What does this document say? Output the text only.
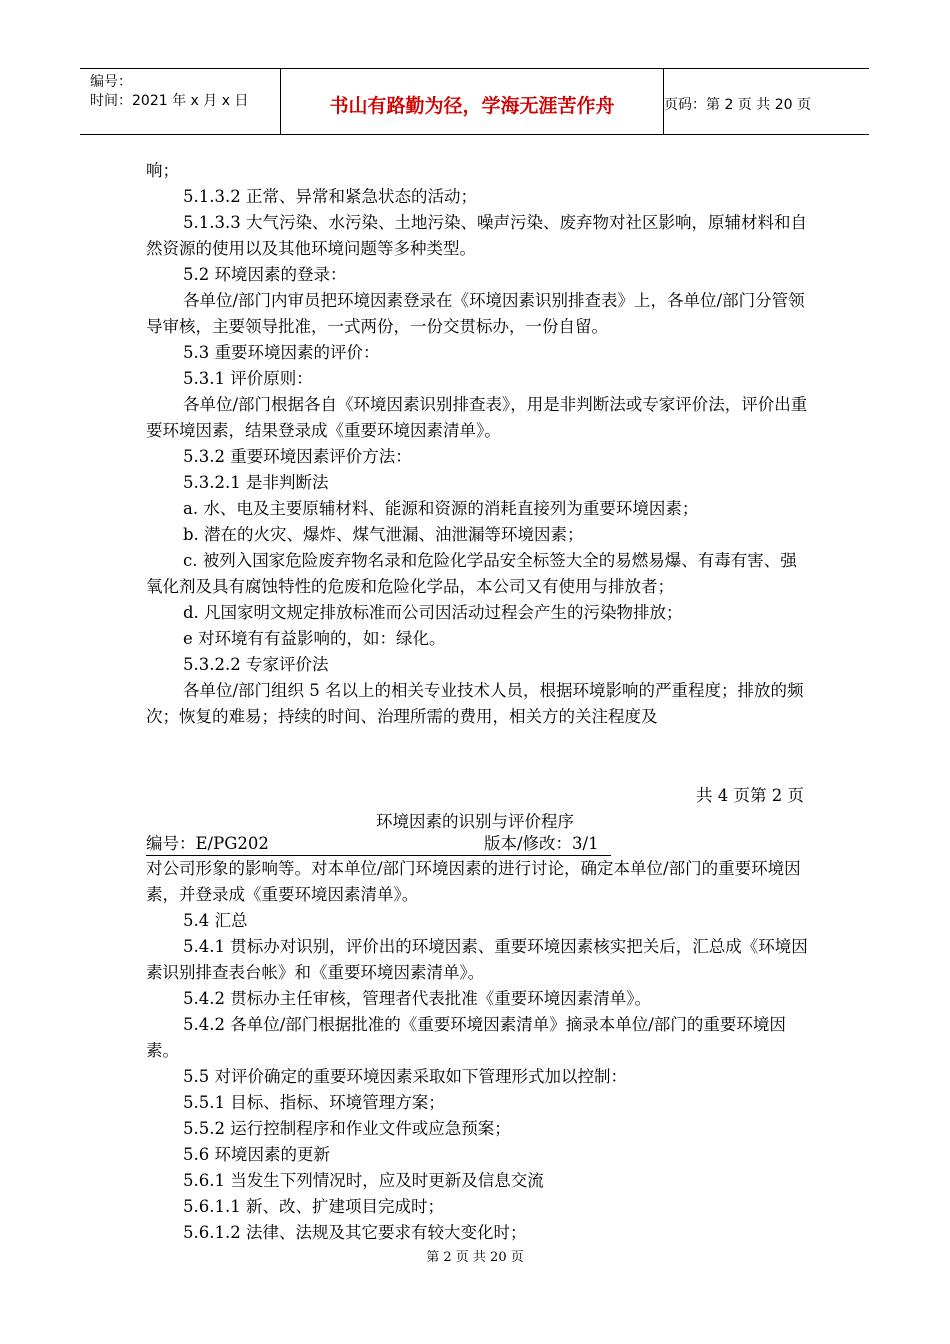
编号：
时间：2021 年 x 月 x 日	书山有路勤为径，学海无涯苦作舟	页码：第 2 页 共 20 页

响；

5.1.3.2 正常、异常和紧急状态的活动；

5.1.3.3 大气污染、水污染、土地污染、噪声污染、废弃物对社区影响，原辅材料和自然资源的使用以及其他环境问题等多种类型。

5.2 环境因素的登录：

各单位/部门内审员把环境因素登录在《环境因素识别排查表》上，各单位/部门分管领导审核，主要领导批准，一式两份，一份交贯标办，一份自留。

5.3 重要环境因素的评价：

5.3.1 评价原则：

各单位/部门根据各自《环境因素识别排查表》，用是非判断法或专家评价法，评价出重要环境因素，结果登录成《重要环境因素清单》。

5.3.2 重要环境因素评价方法：

5.3.2.1 是非判断法

a. 水、电及主要原辅材料、能源和资源的消耗直接列为重要环境因素；

b. 潜在的火灾、爆炸、煤气泄漏、油泄漏等环境因素；

c. 被列入国家危险废弃物名录和危险化学品安全标签大全的易燃易爆、有毒有害、强氧化剂及具有腐蚀特性的危废和危险化学品，本公司又有使用与排放者；

d. 凡国家明文规定排放标准而公司因活动过程会产生的污染物排放；

e 对环境有有益影响的，如：绿化。

5.3.2.2 专家评价法

各单位/部门组织 5 名以上的相关专业技术人员，根据环境影响的严重程度；排放的频次；恢复的难易；持续的时间、治理所需的费用，相关方的关注程度及

共 4 页第 2 页
环境因素的识别与评价程序
编号：E/PG202	版本/修改：3/1

对公司形象的影响等。对本单位/部门环境因素的进行讨论，确定本单位/部门的重要环境因素，并登录成《重要环境因素清单》。

5.4 汇总

5.4.1 贯标办对识别，评价出的环境因素、重要环境因素核实把关后，汇总成《环境因素识别排查表台帐》和《重要环境因素清单》。

5.4.2 贯标办主任审核，管理者代表批准《重要环境因素清单》。

5.4.2 各单位/部门根据批准的《重要环境因素清单》摘录本单位/部门的重要环境因素。

5.5 对评价确定的重要环境因素采取如下管理形式加以控制：

5.5.1 目标、指标、环境管理方案；

5.5.2 运行控制程序和作业文件或应急预案；

5.6 环境因素的更新

5.6.1 当发生下列情况时，应及时更新及信息交流

5.6.1.1 新、改、扩建项目完成时；

5.6.1.2 法律、法规及其它要求有较大变化时；

第 2 页 共 20 页
